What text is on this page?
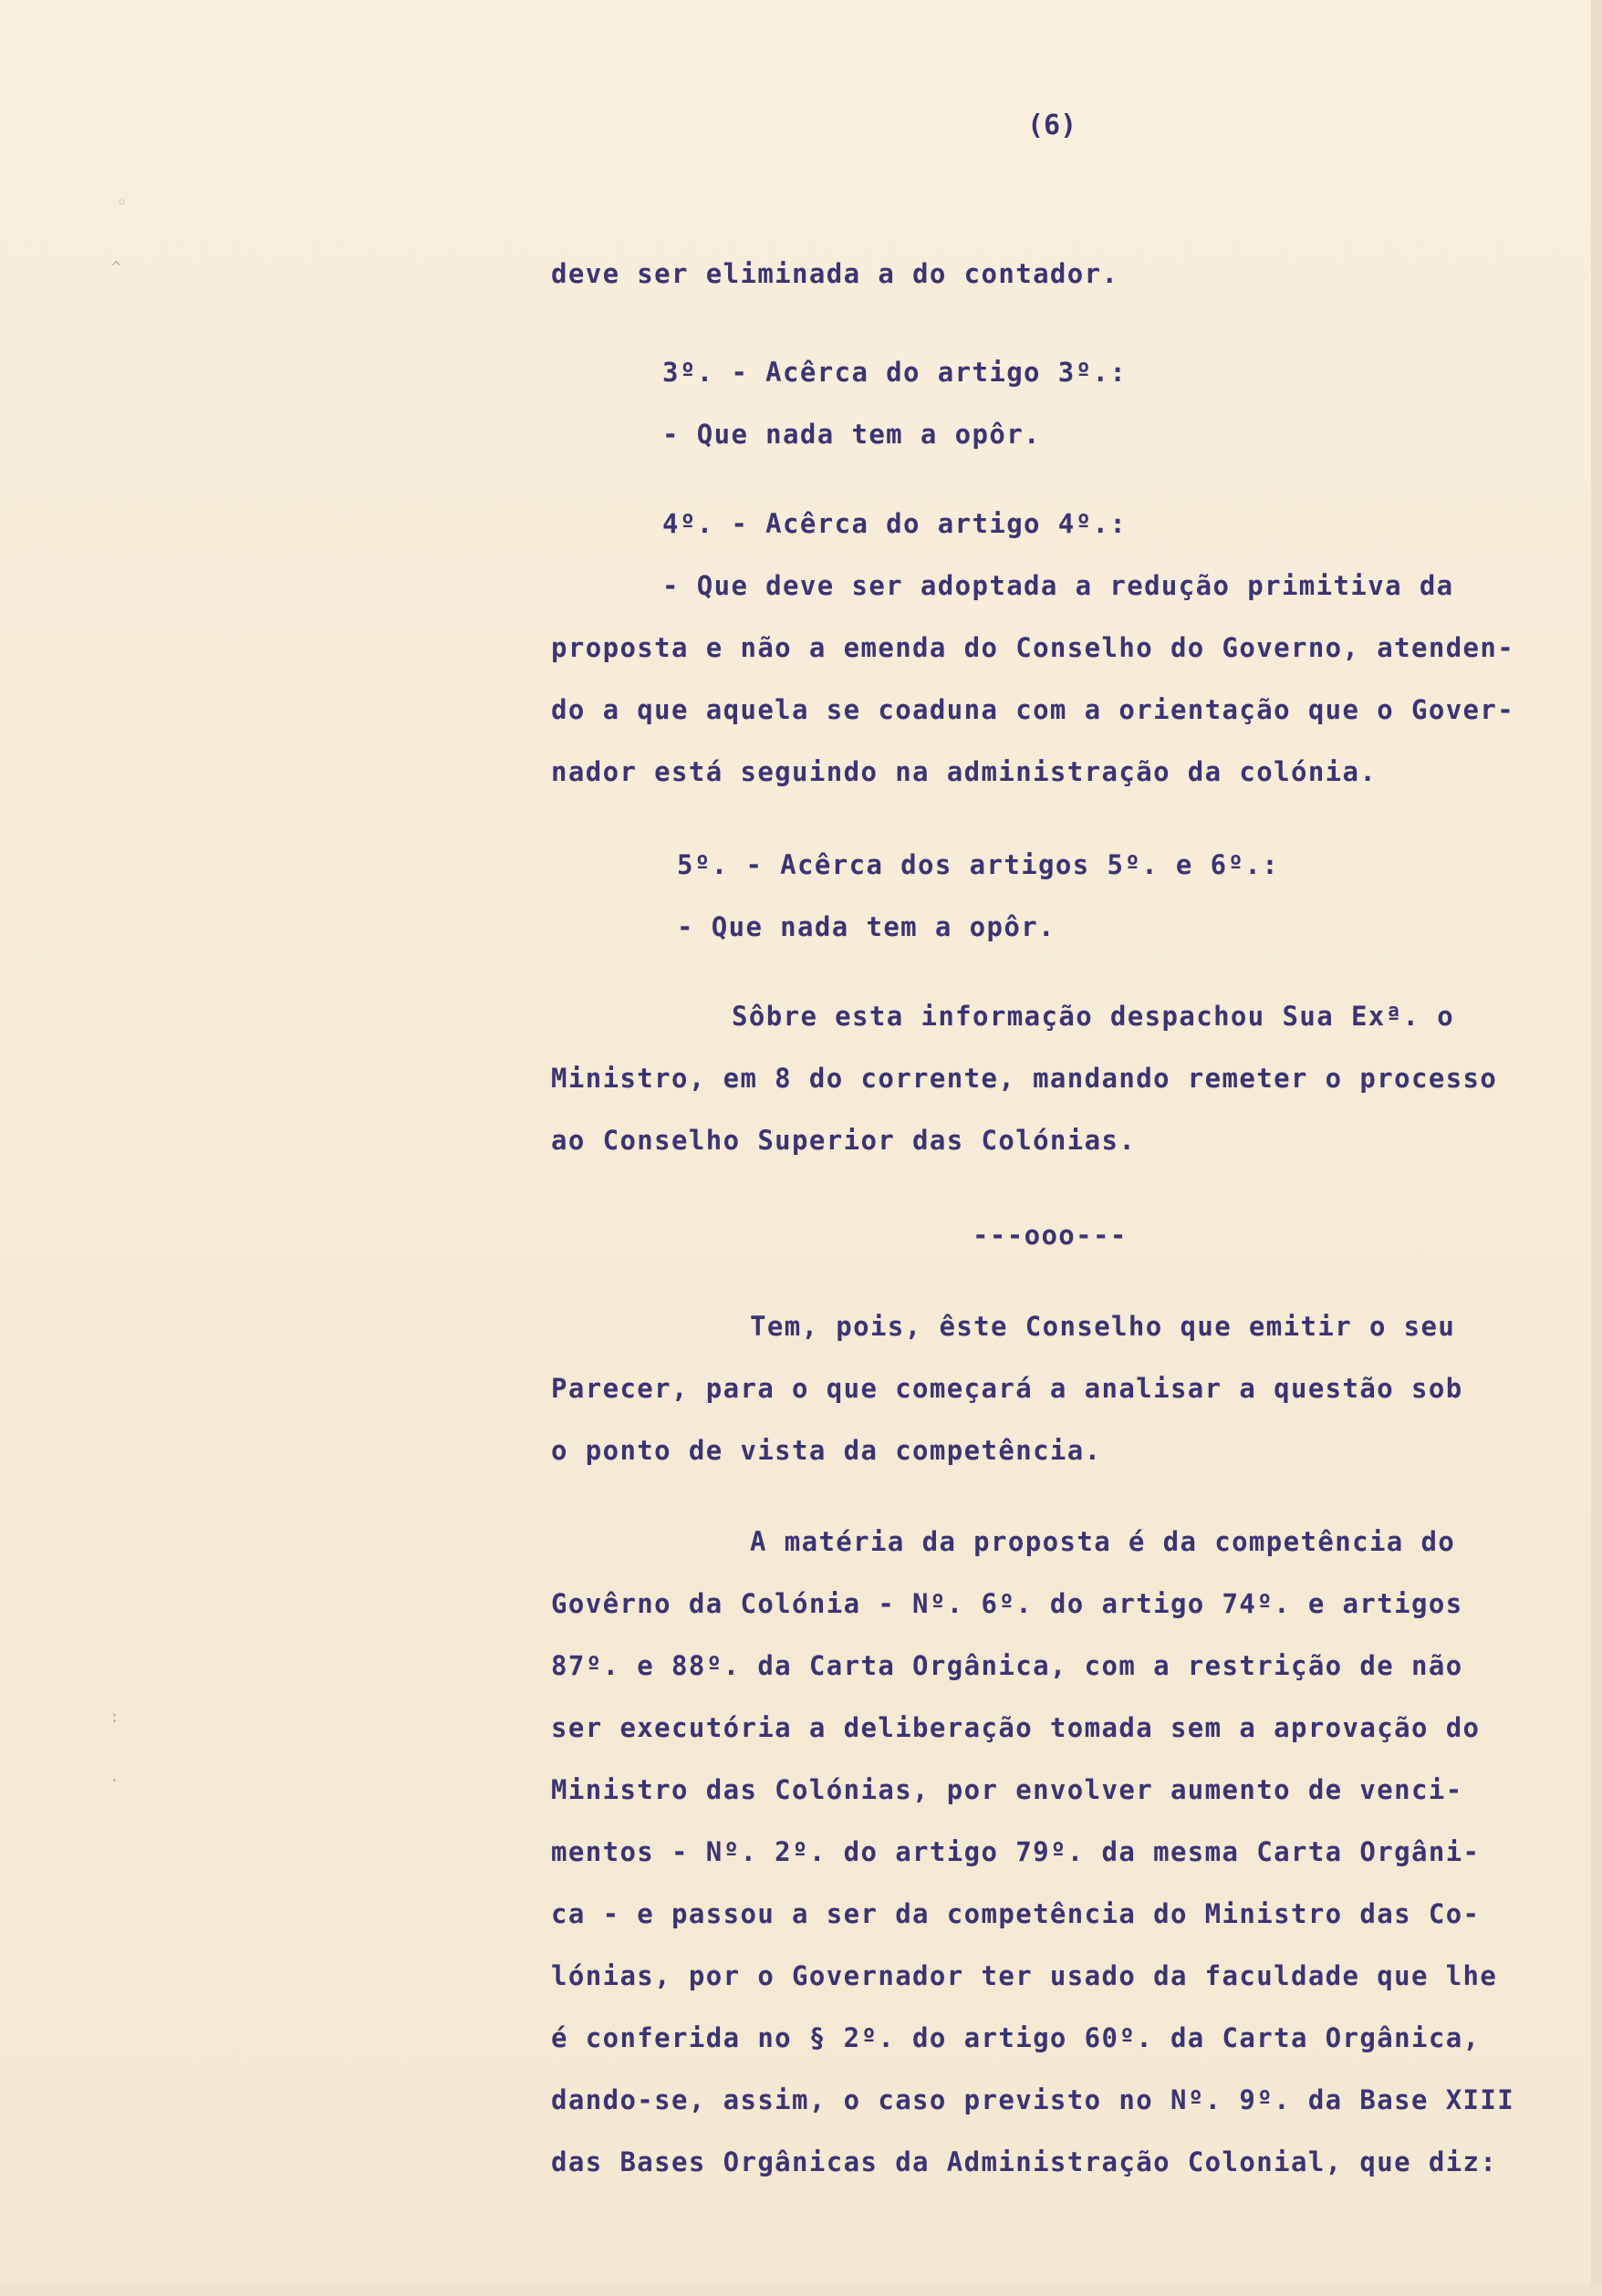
◦
^
:
·
(6)
deve ser eliminada a do contador.
3º. - Acêrca do artigo 3º.:
- Que nada tem a opôr.
4º. - Acêrca do artigo 4º.:
- Que deve ser adoptada a redução primitiva da
proposta e não a emenda do Conselho do Governo, atenden-
do a que aquela se coaduna com a orientação que o Gover-
nador está seguindo na administração da colónia.
5º. - Acêrca dos artigos 5º. e 6º.:
- Que nada tem a opôr.
Sôbre esta informação despachou Sua Exª. o
Ministro, em 8 do corrente, mandando remeter o processo
ao Conselho Superior das Colónias.
---ooo---
Tem, pois, êste Conselho que emitir o seu
Parecer, para o que começará a analisar a questão sob
o ponto de vista da competência.
A matéria da proposta é da competência do
Govêrno da Colónia - Nº. 6º. do artigo 74º. e artigos
87º. e 88º. da Carta Orgânica, com a restrição de não
ser executória a deliberação tomada sem a aprovação do
Ministro das Colónias, por envolver aumento de venci-
mentos - Nº. 2º. do artigo 79º. da mesma Carta Orgâni-
ca - e passou a ser da competência do Ministro das Co-
lónias, por o Governador ter usado da faculdade que lhe
é conferida no § 2º. do artigo 60º. da Carta Orgânica,
dando-se, assim, o caso previsto no Nº. 9º. da Base XIII
das Bases Orgânicas da Administração Colonial, que diz:
